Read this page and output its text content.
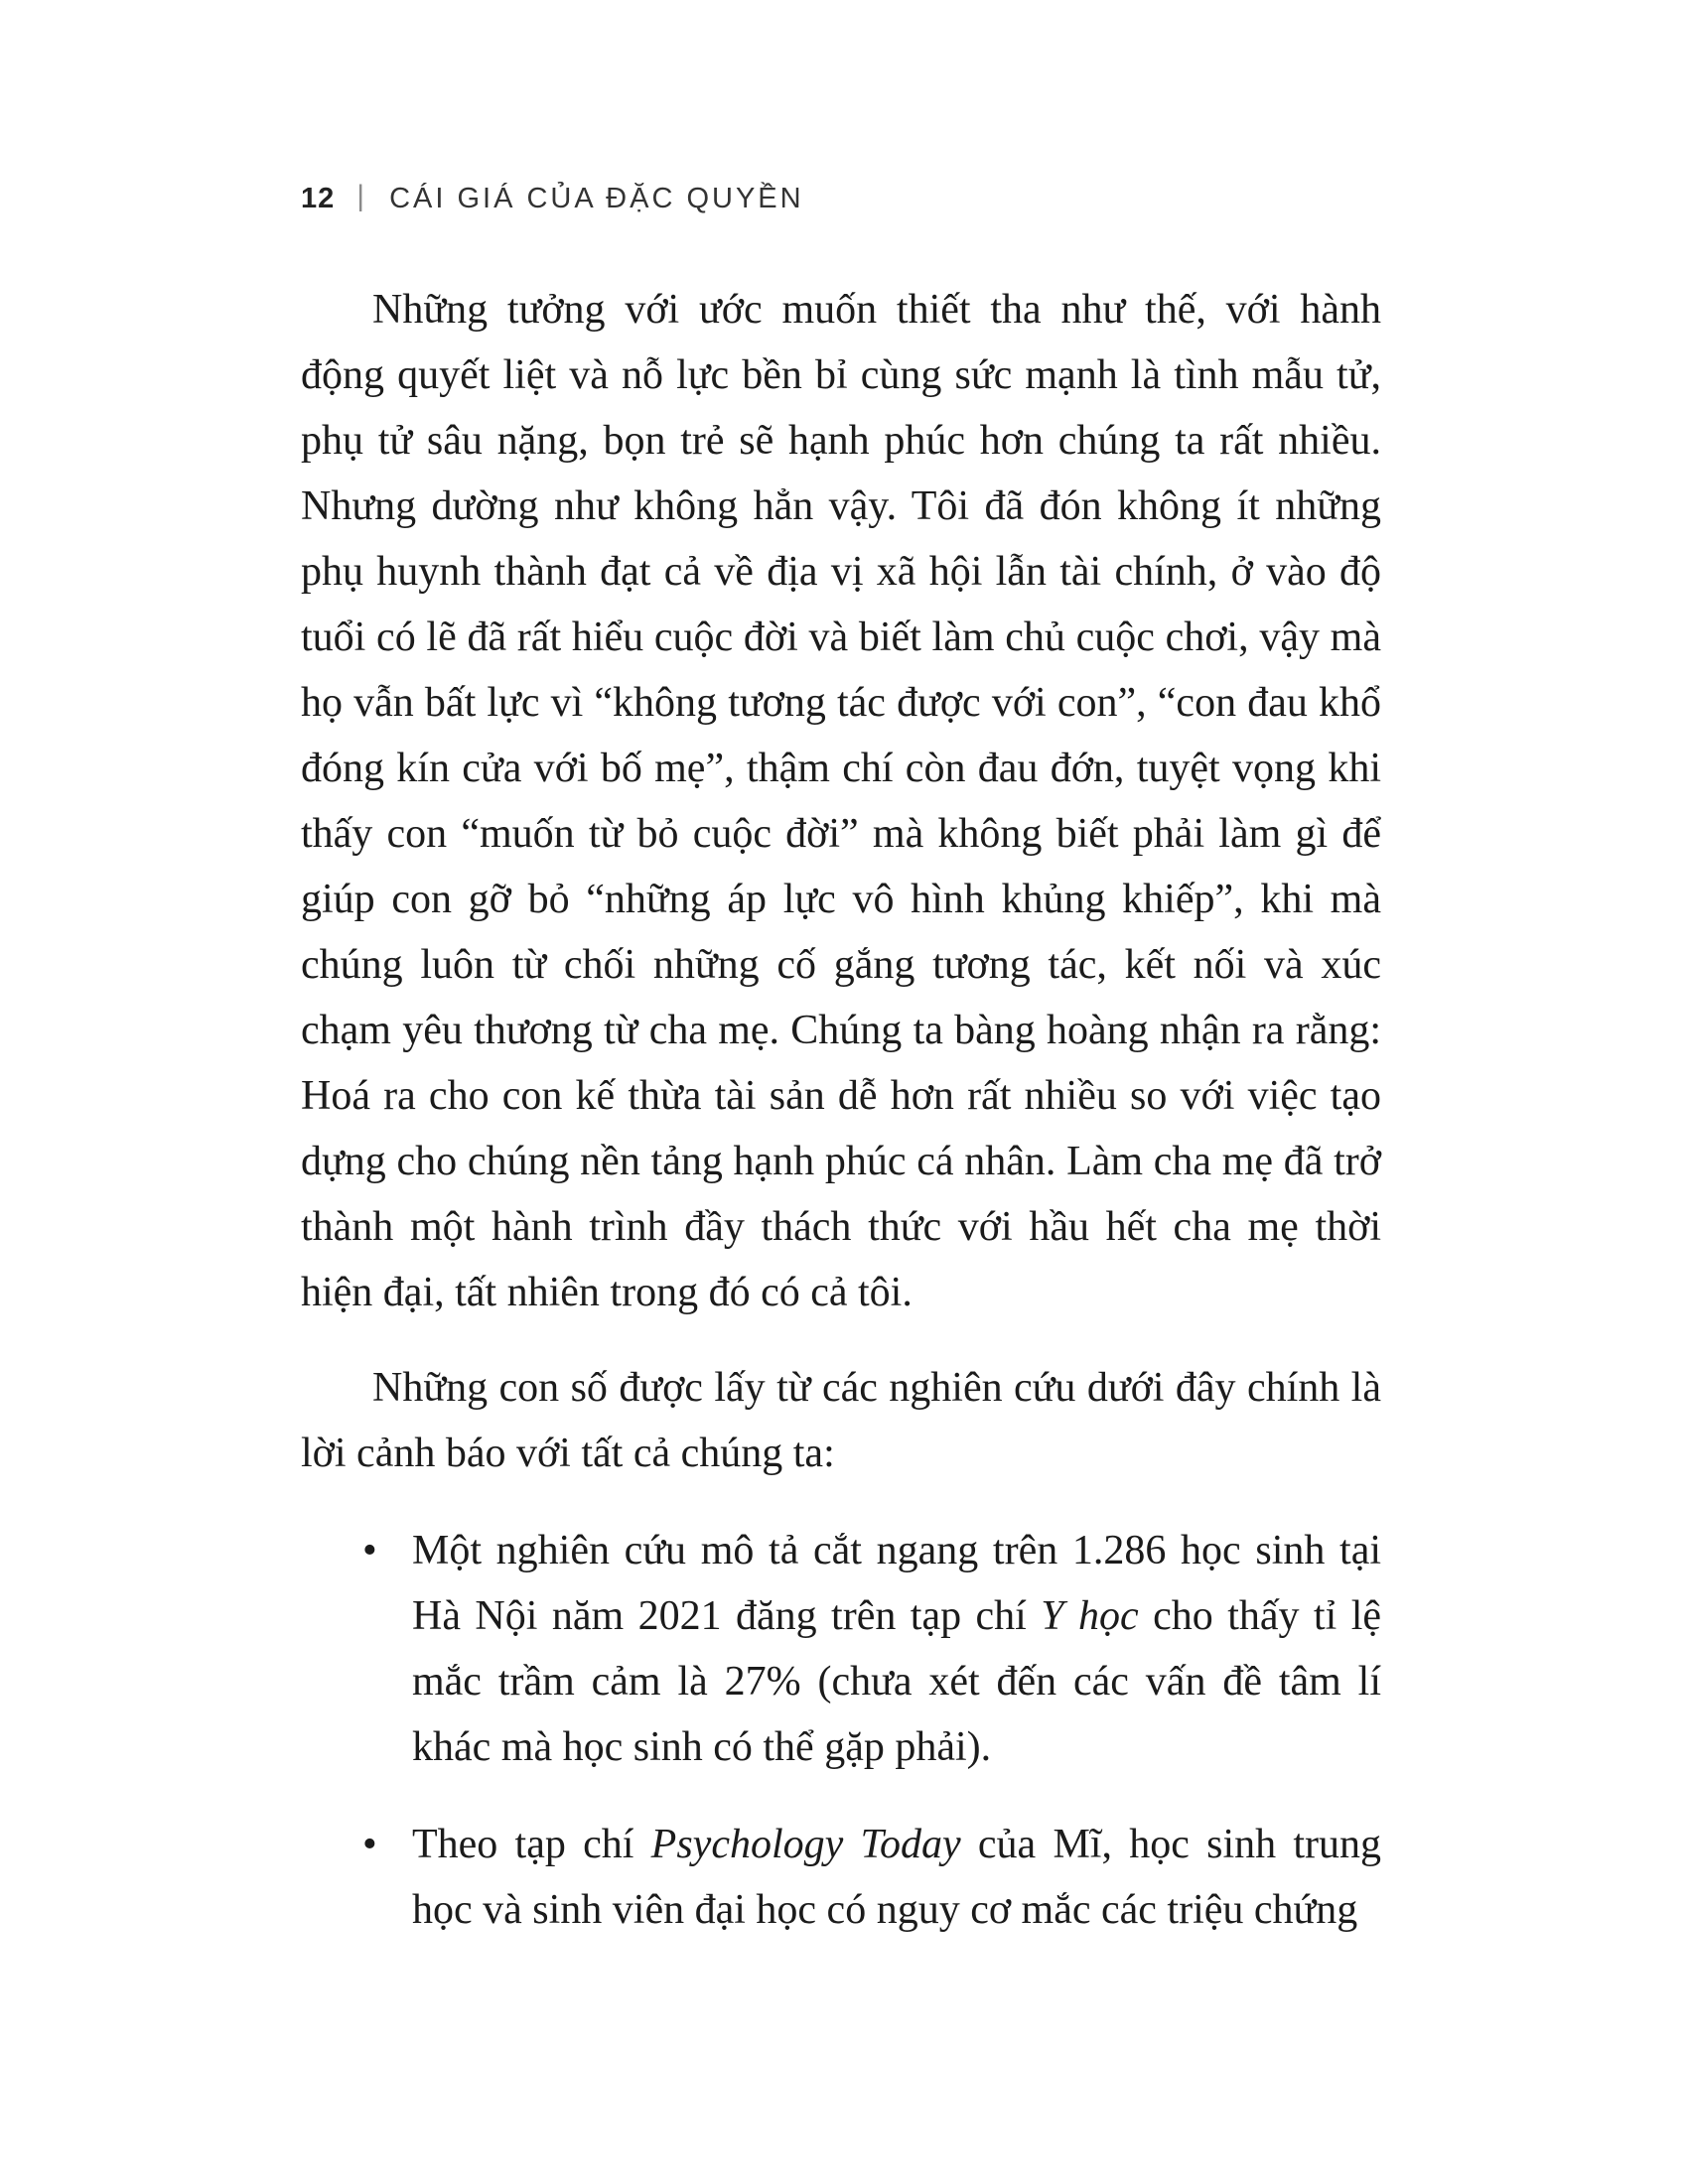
12 | CÁI GIÁ CỦA ĐẶC QUYỀN

Những tưởng với ước muốn thiết tha như thế, với hành động quyết liệt và nỗ lực bền bỉ cùng sức mạnh là tình mẫu tử, phụ tử sâu nặng, bọn trẻ sẽ hạnh phúc hơn chúng ta rất nhiều. Nhưng dường như không hẳn vậy. Tôi đã đón không ít những phụ huynh thành đạt cả về địa vị xã hội lẫn tài chính, ở vào độ tuổi có lẽ đã rất hiểu cuộc đời và biết làm chủ cuộc chơi, vậy mà họ vẫn bất lực vì “không tương tác được với con”, “con đau khổ đóng kín cửa với bố mẹ”, thậm chí còn đau đớn, tuyệt vọng khi thấy con “muốn từ bỏ cuộc đời” mà không biết phải làm gì để giúp con gỡ bỏ “những áp lực vô hình khủng khiếp”, khi mà chúng luôn từ chối những cố gắng tương tác, kết nối và xúc chạm yêu thương từ cha mẹ. Chúng ta bàng hoàng nhận ra rằng: Hoá ra cho con kế thừa tài sản dễ hơn rất nhiều so với việc tạo dựng cho chúng nền tảng hạnh phúc cá nhân. Làm cha mẹ đã trở thành một hành trình đầy thách thức với hầu hết cha mẹ thời hiện đại, tất nhiên trong đó có cả tôi.

Những con số được lấy từ các nghiên cứu dưới đây chính là lời cảnh báo với tất cả chúng ta:

• Một nghiên cứu mô tả cắt ngang trên 1.286 học sinh tại Hà Nội năm 2021 đăng trên tạp chí Y học cho thấy tỉ lệ mắc trầm cảm là 27% (chưa xét đến các vấn đề tâm lí khác mà học sinh có thể gặp phải).
• Theo tạp chí Psychology Today của Mĩ, học sinh trung học và sinh viên đại học có nguy cơ mắc các triệu chứng
